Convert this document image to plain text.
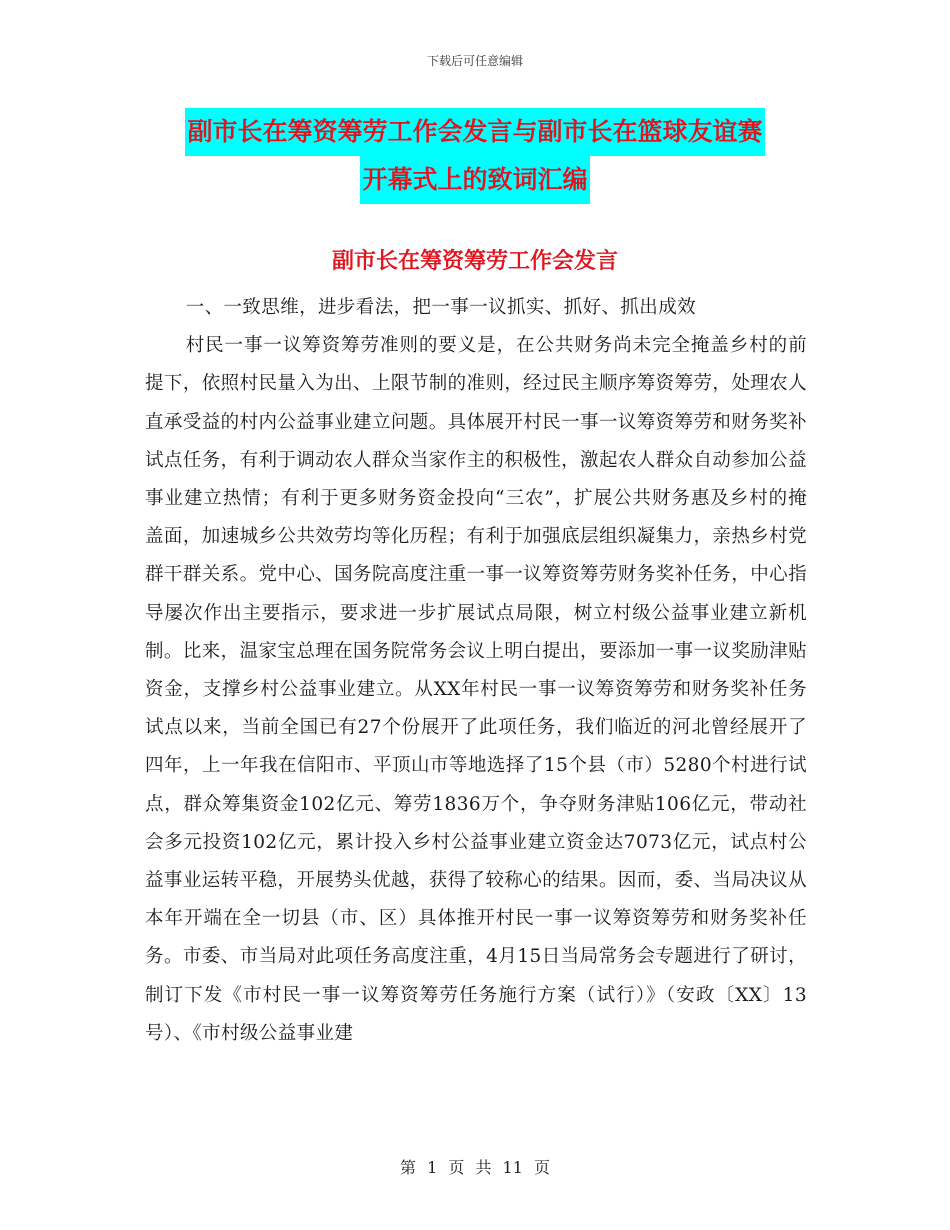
下载后可任意编辑
副市长在筹资筹劳工作会发言与副市长在篮球友谊赛
开幕式上的致词汇编
副市长在筹资筹劳工作会发言

一、一致思维，进步看法，把一事一议抓实、抓好、抓出成效

村民一事一议筹资筹劳准则的要义是，在公共财务尚未完全掩盖乡村的前提下，依照村民量入为出、上限节制的准则，经过民主顺序筹资筹劳，处理农人直承受益的村内公益事业建立问题。具体展开村民一事一议筹资筹劳和财务奖补试点任务，有利于调动农人群众当家作主的积极性，激起农人群众自动参加公益事业建立热情；有利于更多财务资金投向“三农”，扩展公共财务惠及乡村的掩盖面，加速城乡公共效劳均等化历程；有利于加强底层组织凝集力，亲热乡村党群干群关系。党中心、国务院高度注重一事一议筹资筹劳财务奖补任务，中心指导屡次作出主要指示，要求进一步扩展试点局限，树立村级公益事业建立新机制。比来，温家宝总理在国务院常务会议上明白提出，要添加一事一议奖励津贴资金，支撑乡村公益事业建立。从XX年村民一事一议筹资筹劳和财务奖补任务试点以来，当前全国已有27个份展开了此项任务，我们临近的河北曾经展开了四年，上一年我在信阳市、平顶山市等地选择了15个县（市）5280个村进行试点，群众筹集资金102亿元、筹劳1836万个，争夺财务津贴106亿元，带动社会多元投资102亿元，累计投入乡村公益事业建立资金达7073亿元，试点村公益事业运转平稳，开展势头优越，获得了较称心的结果。因而，委、当局决议从本年开端在全一切县（市、区）具体推开村民一事一议筹资筹劳和财务奖补任务。市委、市当局对此项任务高度注重，4月15日当局常务会专题进行了研讨，制订下发《市村民一事一议筹资筹劳任务施行方案（试行）》（安政〔XX〕13号）、《市村级公益事业建

第 1 页 共 11 页
